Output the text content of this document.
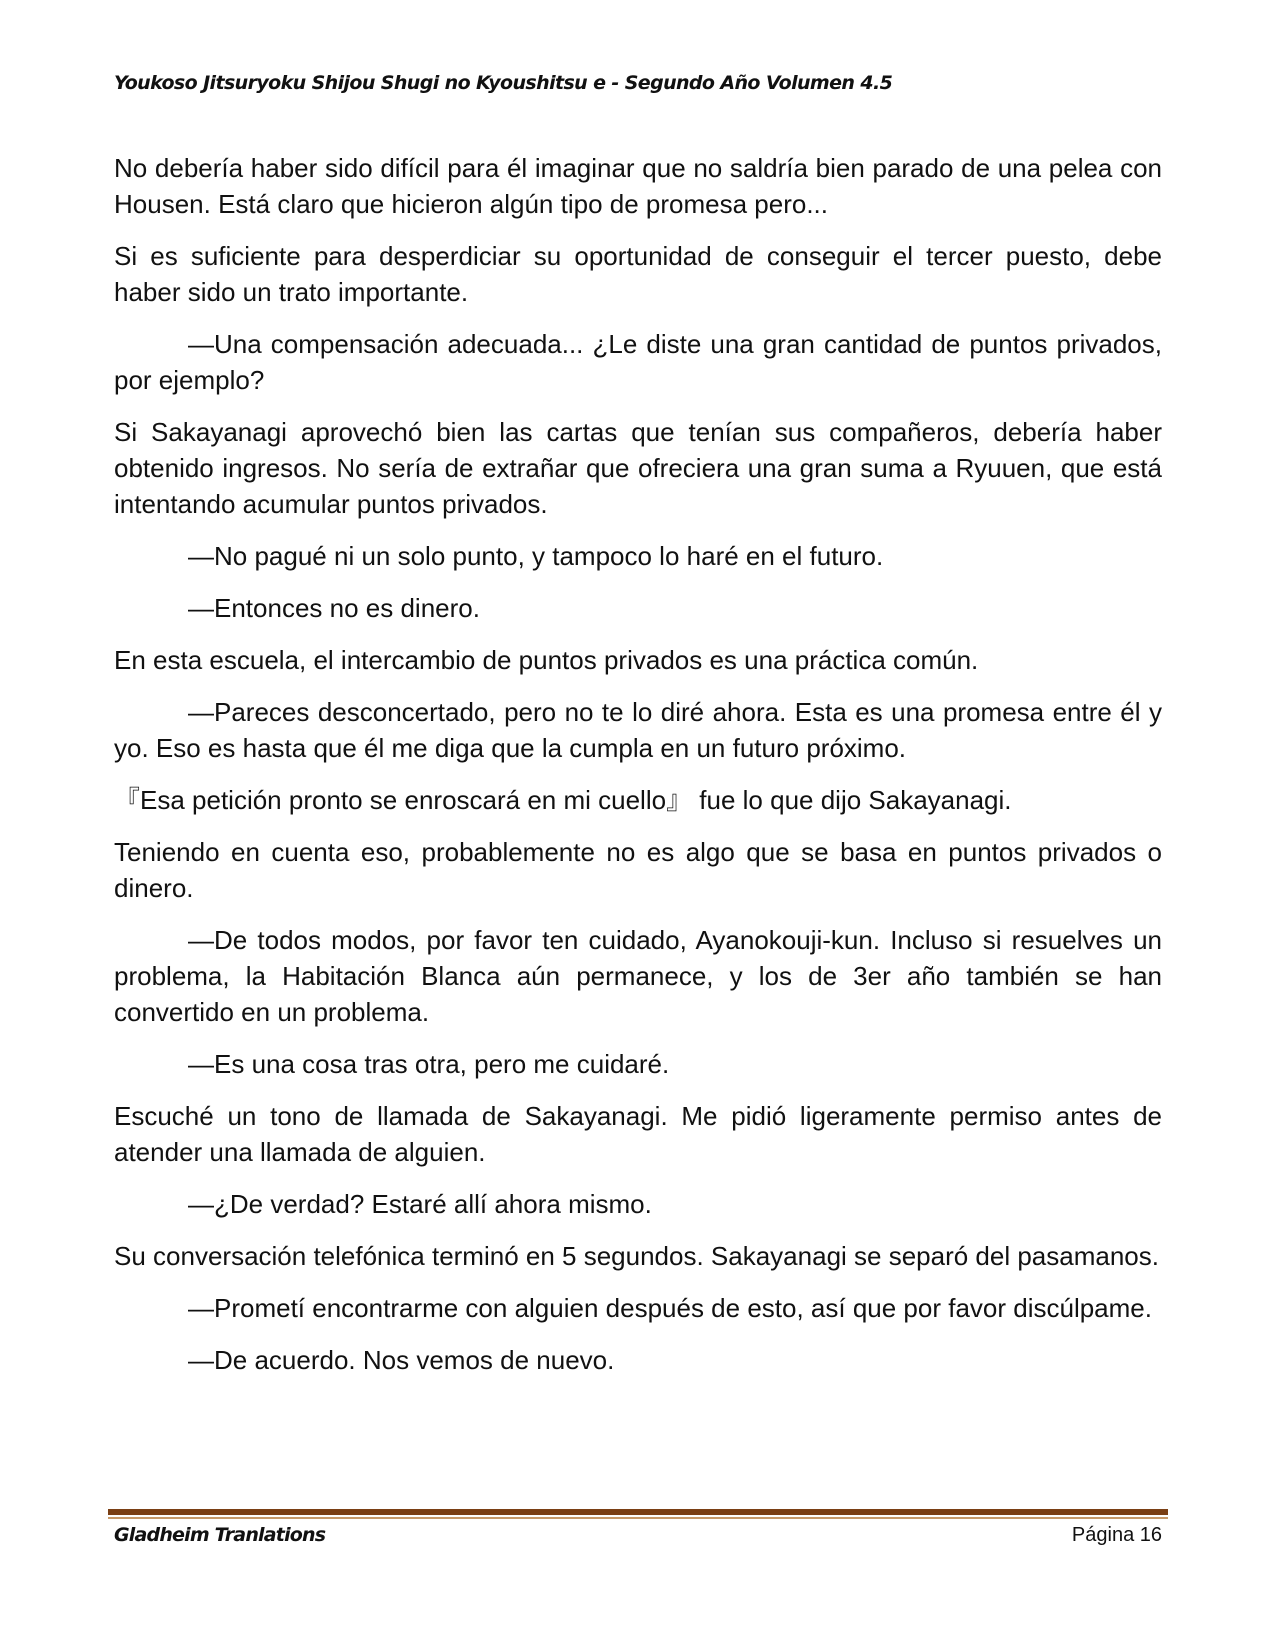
Youkoso Jitsuryoku Shijou Shugi no Kyoushitsu e - Segundo Año Volumen 4.5

No debería haber sido difícil para él imaginar que no saldría bien parado de una pelea con Housen. Está claro que hicieron algún tipo de promesa pero...

Si es suficiente para desperdiciar su oportunidad de conseguir el tercer puesto, debe haber sido un trato importante.

—Una compensación adecuada... ¿Le diste una gran cantidad de puntos privados, por ejemplo?

Si Sakayanagi aprovechó bien las cartas que tenían sus compañeros, debería haber obtenido ingresos. No sería de extrañar que ofreciera una gran suma a Ryuuen, que está intentando acumular puntos privados.

—No pagué ni un solo punto, y tampoco lo haré en el futuro.

—Entonces no es dinero.

En esta escuela, el intercambio de puntos privados es una práctica común.

—Pareces desconcertado, pero no te lo diré ahora. Esta es una promesa entre él y yo. Eso es hasta que él me diga que la cumpla en un futuro próximo.

『Esa petición pronto se enroscará en mi cuello』 fue lo que dijo Sakayanagi.

Teniendo en cuenta eso, probablemente no es algo que se basa en puntos privados o dinero.

—De todos modos, por favor ten cuidado, Ayanokouji-kun. Incluso si resuelves un problema, la Habitación Blanca aún permanece, y los de 3er año también se han convertido en un problema.

—Es una cosa tras otra, pero me cuidaré.

Escuché un tono de llamada de Sakayanagi. Me pidió ligeramente permiso antes de atender una llamada de alguien.

—¿De verdad? Estaré allí ahora mismo.

Su conversación telefónica terminó en 5 segundos. Sakayanagi se separó del pasamanos.

—Prometí encontrarme con alguien después de esto, así que por favor discúlpame.

—De acuerdo. Nos vemos de nuevo.

Gladheim Tranlations	Página 16
